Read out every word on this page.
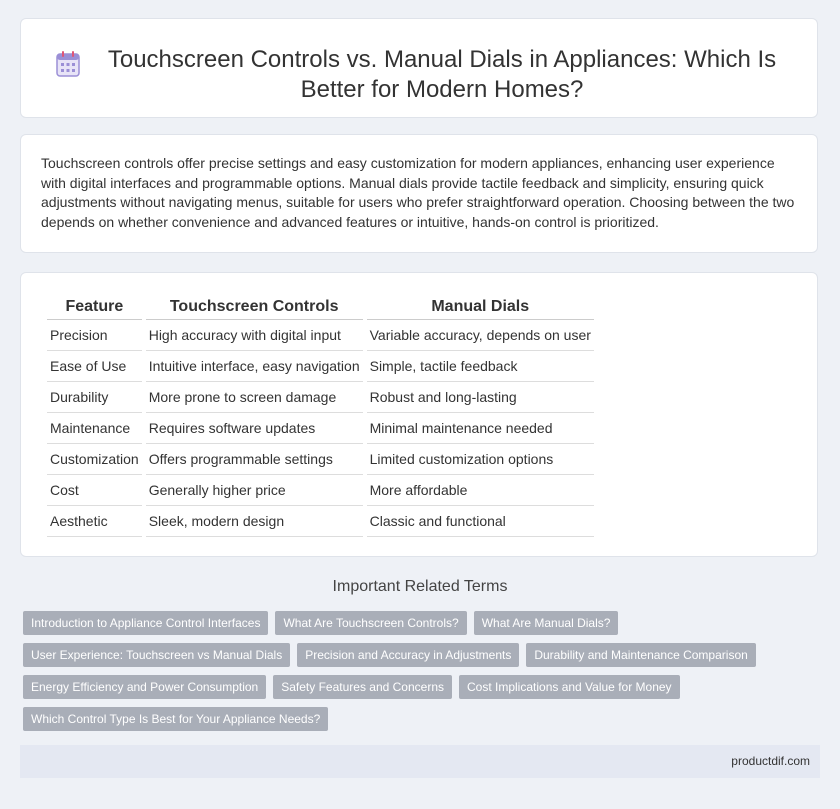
Touchscreen Controls vs. Manual Dials in Appliances: Which Is Better for Modern Homes?

Touchscreen controls offer precise settings and easy customization for modern appliances, enhancing user experience with digital interfaces and programmable options. Manual dials provide tactile feedback and simplicity, ensuring quick adjustments without navigating menus, suitable for users who prefer straightforward operation. Choosing between the two depends on whether convenience and advanced features or intuitive, hands-on control is prioritized.

Feature	Touchscreen Controls	Manual Dials
Precision	High accuracy with digital input	Variable accuracy, depends on user
Ease of Use	Intuitive interface, easy navigation	Simple, tactile feedback
Durability	More prone to screen damage	Robust and long-lasting
Maintenance	Requires software updates	Minimal maintenance needed
Customization	Offers programmable settings	Limited customization options
Cost	Generally higher price	More affordable
Aesthetic	Sleek, modern design	Classic and functional
Important Related Terms
Introduction to Appliance Control Interfaces	What Are Touchscreen Controls?	What Are Manual Dials?
User Experience: Touchscreen vs Manual Dials	Precision and Accuracy in Adjustments	Durability and Maintenance Comparison
Energy Efficiency and Power Consumption	Safety Features and Concerns	Cost Implications and Value for Money
Which Control Type Is Best for Your Appliance Needs?
productdif.com
